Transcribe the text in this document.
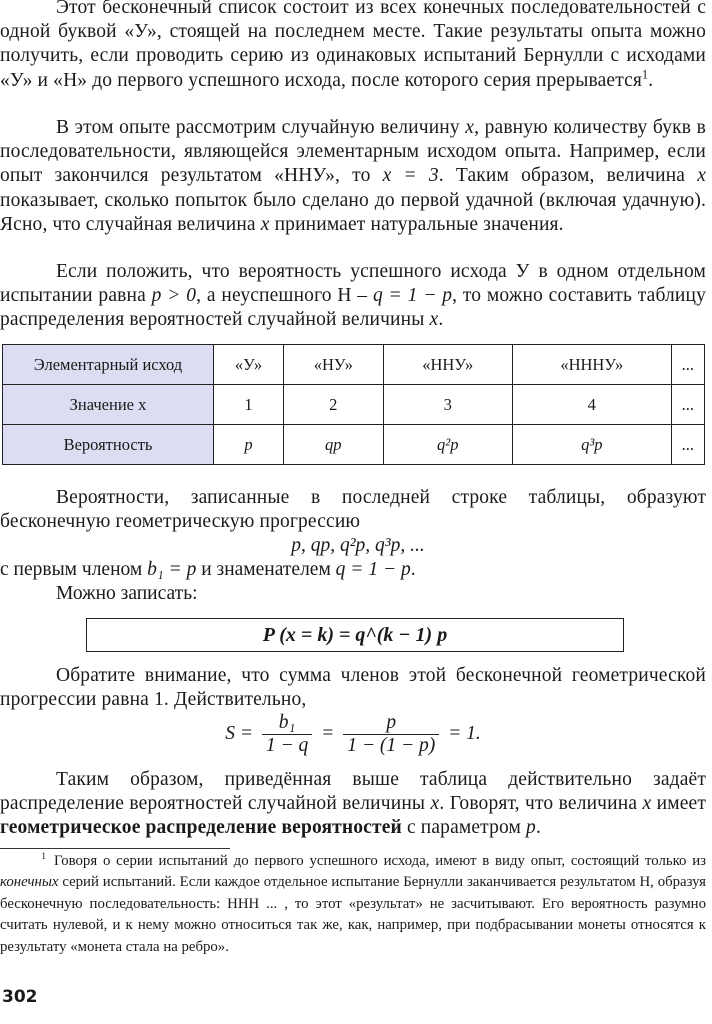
Этот бесконечный список состоит из всех конечных последовательностей с одной буквой «У», стоящей на последнем месте. Такие результаты опыта можно получить, если проводить серию из одинаковых испытаний Бернулли с исходами «У» и «Н» до первого успешного исхода, после которого серия прерывается$^1$.

В этом опыте рассмотрим случайную величину x, равную количеству букв в последовательности, являющейся элементарным исходом опыта. Например, если опыт закончился результатом «ННУ», то x = 3. Таким образом, величина x показывает, сколько попыток было сделано до первой удачной (включая удачную). Ясно, что случайная величина x принимает натуральные значения.

Если положить, что вероятность успешного исхода У в одном отдельном испытании равна p > 0, а неуспешного Н – q = 1 − p, то можно составить таблицу распределения вероятностей случайной величины x.

Элементарный исход	«У»	«НУ»	«ННУ»	«НННУ»	...
Значение x	1	2	3	4	...
Вероятность	p	qp	q²p	q³p	...

Вероятности, записанные в последней строке таблицы, образуют бесконечную геометрическую прогрессию

p, qp, q²p, q³p, ...
с первым членом b₁ = p и знаменателем q = 1 − p.
Можно записать:
P (x = k) = q^(k − 1) p

Обратите внимание, что сумма членов этой бесконечной геометрической прогрессии равна 1. Действительно,

$S = \frac{\text{b₁}}{1 - q} = \frac{p}{1 - (1 - p)} = 1$.

Таким образом, приведённая выше таблица действительно задаёт распределение вероятностей случайной величины x. Говорят, что величина x имеет геометрическое распределение вероятностей с параметром p.

$^1$ Говоря о серии испытаний до первого успешного исхода, имеют в виду опыт, состоящий только из конечных серий испытаний. Если каждое отдельное испытание Бернулли заканчивается результатом Н, образуя бесконечную последовательность: ННН ... , то этот «результат» не засчитывают. Его вероятность разумно считать нулевой, и к нему можно относиться так же, как, например, при подбрасывании монеты относятся к результату «монета стала на ребро».

302
